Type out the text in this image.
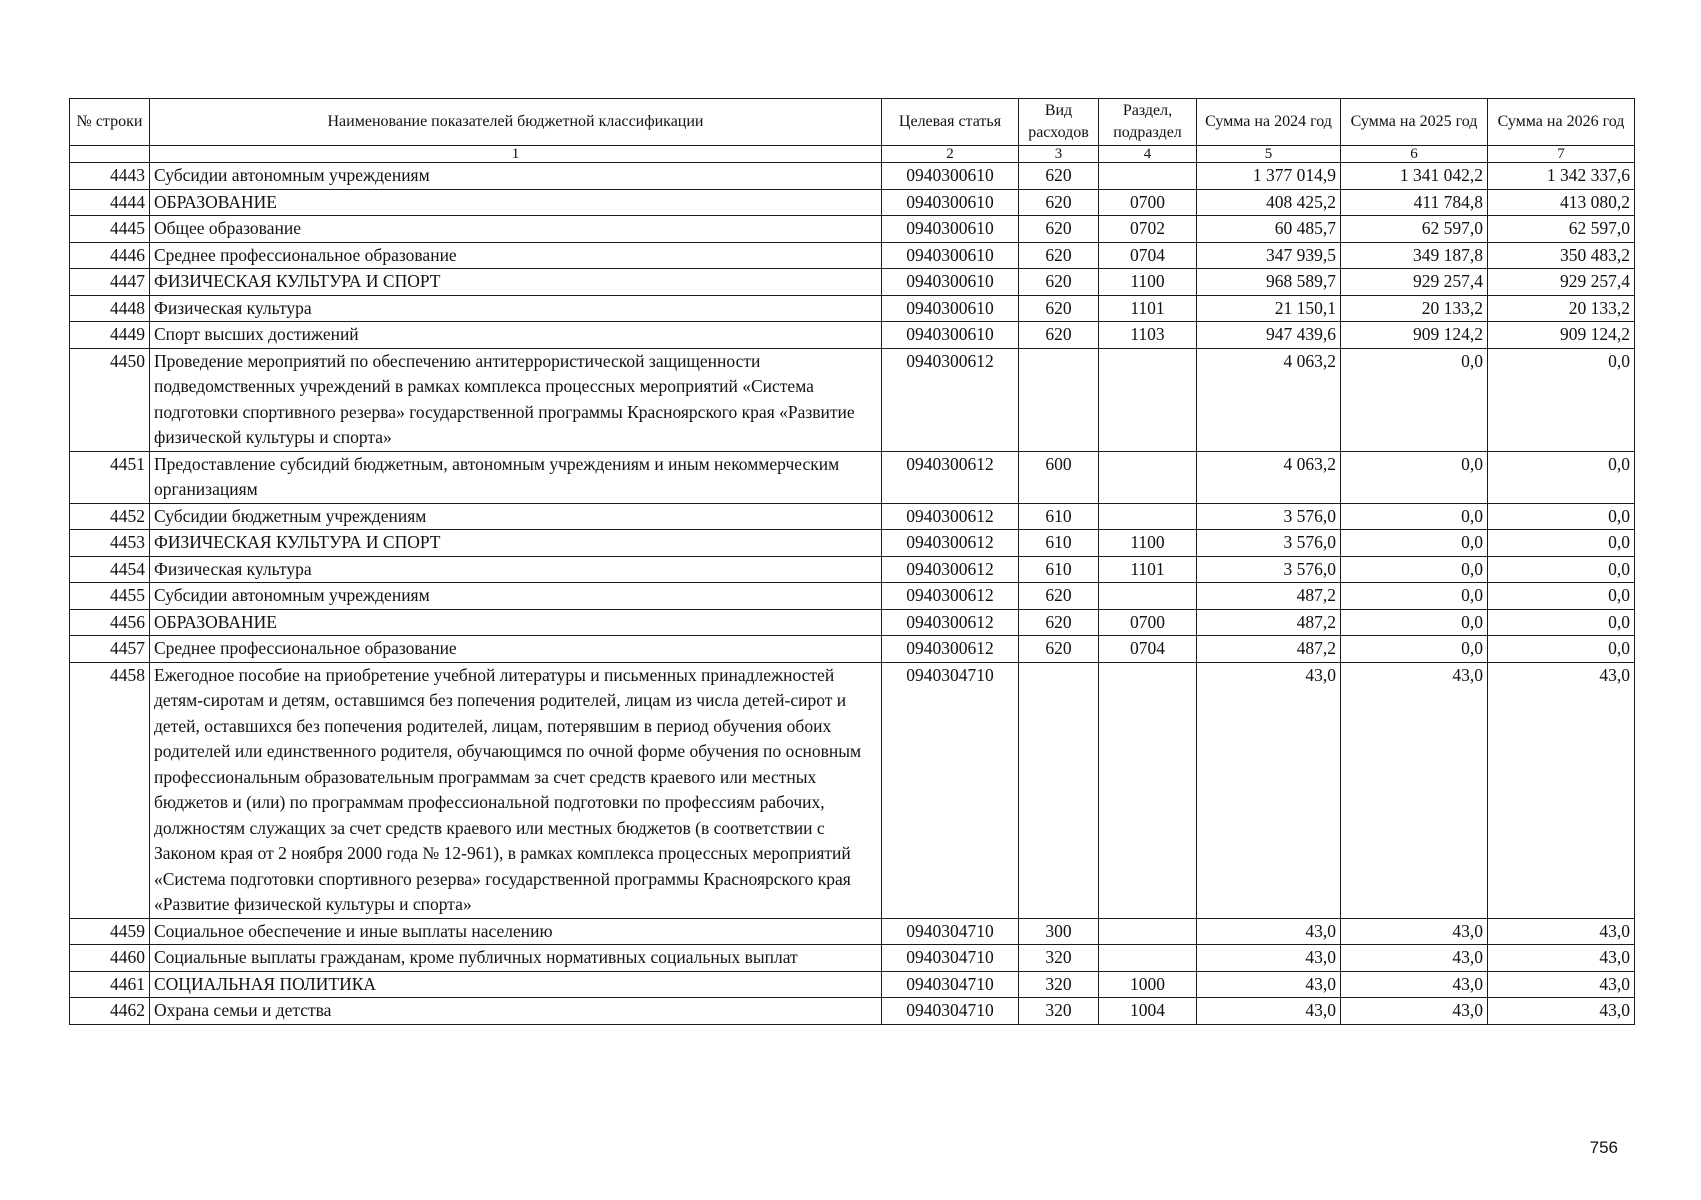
№ строки	Наименование показателей бюджетной классификации	Целевая статья	Вид расходов	Раздел, подраздел	Сумма на 2024 год	Сумма на 2025 год	Сумма на 2026 год
	1	2	3	4	5	6	7
4443	Субсидии автономным учреждениям	0940300610	620		1 377 014,9	1 341 042,2	1 342 337,6
4444	ОБРАЗОВАНИЕ	0940300610	620	0700	408 425,2	411 784,8	413 080,2
4445	Общее образование	0940300610	620	0702	60 485,7	62 597,0	62 597,0
4446	Среднее профессиональное образование	0940300610	620	0704	347 939,5	349 187,8	350 483,2
4447	ФИЗИЧЕСКАЯ КУЛЬТУРА И СПОРТ	0940300610	620	1100	968 589,7	929 257,4	929 257,4
4448	Физическая культура	0940300610	620	1101	21 150,1	20 133,2	20 133,2
4449	Спорт высших достижений	0940300610	620	1103	947 439,6	909 124,2	909 124,2
4450	Проведение мероприятий по обеспечению антитеррористической защищенности подведомственных учреждений в рамках комплекса процессных мероприятий «Система подготовки спортивного резерва» государственной программы Красноярского края «Развитие физической культуры и спорта»	0940300612			4 063,2	0,0	0,0
4451	Предоставление субсидий бюджетным, автономным учреждениям и иным некоммерческим организациям	0940300612	600		4 063,2	0,0	0,0
4452	Субсидии бюджетным учреждениям	0940300612	610		3 576,0	0,0	0,0
4453	ФИЗИЧЕСКАЯ КУЛЬТУРА И СПОРТ	0940300612	610	1100	3 576,0	0,0	0,0
4454	Физическая культура	0940300612	610	1101	3 576,0	0,0	0,0
4455	Субсидии автономным учреждениям	0940300612	620		487,2	0,0	0,0
4456	ОБРАЗОВАНИЕ	0940300612	620	0700	487,2	0,0	0,0
4457	Среднее профессиональное образование	0940300612	620	0704	487,2	0,0	0,0
4458	Ежегодное пособие на приобретение учебной литературы и письменных принадлежностей детям-сиротам и детям, оставшимся без попечения родителей, лицам из числа детей-сирот и детей, оставшихся без попечения родителей, лицам, потерявшим в период обучения обоих родителей или единственного родителя, обучающимся по очной форме обучения по основным профессиональным образовательным программам за счет средств краевого или местных бюджетов и (или) по программам профессиональной подготовки по профессиям рабочих, должностям служащих за счет средств краевого или местных бюджетов (в соответствии с Законом края от 2 ноября 2000 года № 12-961), в рамках комплекса процессных мероприятий «Система подготовки спортивного резерва» государственной программы Красноярского края «Развитие физической культуры и спорта»	0940304710			43,0	43,0	43,0
4459	Социальное обеспечение и иные выплаты населению	0940304710	300		43,0	43,0	43,0
4460	Социальные выплаты гражданам, кроме публичных нормативных социальных выплат	0940304710	320		43,0	43,0	43,0
4461	СОЦИАЛЬНАЯ ПОЛИТИКА	0940304710	320	1000	43,0	43,0	43,0
4462	Охрана семьи и детства	0940304710	320	1004	43,0	43,0	43,0
756
